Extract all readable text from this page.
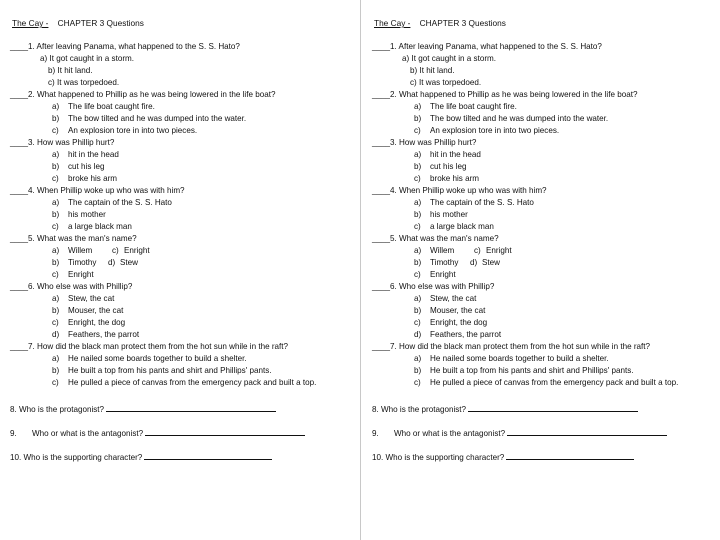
The Cay - CHAPTER 3 Questions
____1. After leaving Panama, what happened to the S. S. Hato?
a) It got caught in a storm.
b) It hit land.
c) It was torpedoed.
____2. What happened to Phillip as he was being lowered in the life boat?
a)	The life boat caught fire.
b)	The bow tilted and he was dumped into the water.
c)	An explosion tore in into two pieces.
____3. How was Phillip hurt?
a)	hit in the head
b)	cut his leg
c)	broke his arm
____4. When Phillip woke up who was with him?
a)	The captain of the S. S. Hato
b)	his mother
c)	a large black man
____5. What was the man's name?
a)	Willem	c) Enright
b)	Timothy	d) Stew
c)	Enright
____6. Who else was with Phillip?
a)	Stew, the cat
b)	Mouser, the cat
c)	Enright, the dog
d)	Feathers, the parrot
____7. How did the black man protect them from the hot sun while in the raft?
a)	He nailed some boards together to build a shelter.
b)	He built a top from his pants and shirt and Phillips' pants.
c)	He pulled a piece of canvas from the emergency pack and built a top.
8. Who is the protagonist?
9. Who or what is the antagonist?
10. Who is the supporting character?
The Cay - CHAPTER 3 Questions
____1. After leaving Panama, what happened to the S. S. Hato?
a) It got caught in a storm.
b) It hit land.
c) It was torpedoed.
____2. What happened to Phillip as he was being lowered in the life boat?
a)	The life boat caught fire.
b)	The bow tilted and he was dumped into the water.
c)	An explosion tore in into two pieces.
____3. How was Phillip hurt?
a)	hit in the head
b)	cut his leg
c)	broke his arm
____4. When Phillip woke up who was with him?
a)	The captain of the S. S. Hato
b)	his mother
c)	a large black man
____5. What was the man's name?
a)	Willem	c) Enright
b)	Timothy	d) Stew
c)	Enright
____6. Who else was with Phillip?
a)	Stew, the cat
b)	Mouser, the cat
c)	Enright, the dog
d)	Feathers, the parrot
____7. How did the black man protect them from the hot sun while in the raft?
a)	He nailed some boards together to build a shelter.
b)	He built a top from his pants and shirt and Phillips' pants.
c)	He pulled a piece of canvas from the emergency pack and built a top.
8. Who is the protagonist?
9. Who or what is the antagonist?
10. Who is the supporting character?
